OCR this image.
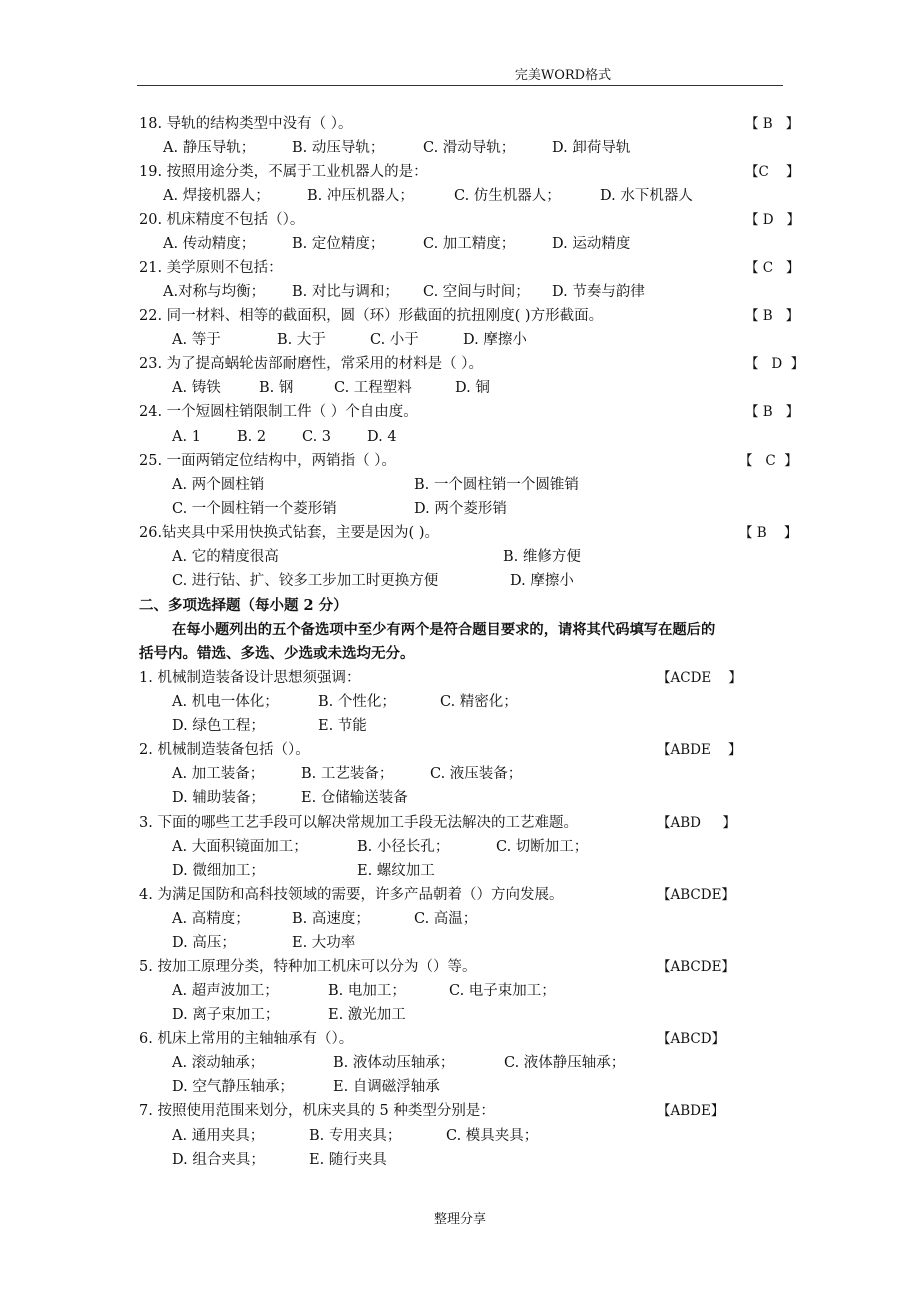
完美WORD格式
18. 导轨的结构类型中没有（ ）。	【 B   】
A. 静压导轨；	B. 动压导轨；	C. 滑动导轨；	D. 卸荷导轨
19. 按照用途分类，不属于工业机器人的是：	【C    】
A. 焊接机器人；	B. 冲压机器人；	C. 仿生机器人；	D. 水下机器人
20. 机床精度不包括（）。	【 D   】
A. 传动精度；	B. 定位精度；	C. 加工精度；	D. 运动精度
21. 美学原则不包括：	【 C   】
A.对称与均衡； B. 对比与调和； C. 空间与时间； D. 节奏与韵律
22. 同一材料、相等的截面积，圆（环）形截面的抗扭刚度( )方形截面。	【 B   】
A. 等于	B. 大于	C. 小于	D. 摩擦小
23. 为了提高蜗轮齿部耐磨性，常采用的材料是（ ）。	【   D  】
A. 铸铁	B. 钢	C. 工程塑料	D. 铜
24. 一个短圆柱销限制工件（ ）个自由度。	【 B   】
A. 1 B. 2 C. 3 D. 4
25. 一面两销定位结构中，两销指（ ）。	【   C  】
A. 两个圆柱销	B. 一个圆柱销一个圆锥销
C. 一个圆柱销一个菱形销	D. 两个菱形销
26.钻夹具中采用快换式钻套，主要是因为( )。	【 B    】
A. 它的精度很高	B. 维修方便
C. 进行钻、扩、铰多工步加工时更换方便	D. 摩擦小
二、多项选择题（每小题 2 分）
在每小题列出的五个备选项中至少有两个是符合题目要求的，请将其代码填写在题后的
括号内。错选、多选、少选或未选均无分。
1. 机械制造装备设计思想须强调：	【ACDE    】
A. 机电一体化；	B. 个性化；	C. 精密化；
D. 绿色工程；	E. 节能
2. 机械制造装备包括（）。	【ABDE    】
A. 加工装备；	B. 工艺装备；	C. 液压装备；
D. 辅助装备； E. 仓储输送装备
3. 下面的哪些工艺手段可以解决常规加工手段无法解决的工艺难题。	【ABD     】
A. 大面积镜面加工；	B. 小径长孔；	C. 切断加工；
D. 微细加工；	E. 螺纹加工
4. 为满足国防和高科技领域的需要，许多产品朝着（）方向发展。	【ABCDE】
A. 高精度；	B. 高速度；	C. 高温；
D. 高压；	E. 大功率
5. 按加工原理分类，特种加工机床可以分为（）等。	【ABCDE】
A. 超声波加工；	B. 电加工；	C. 电子束加工；
D. 离子束加工；	E. 激光加工
6. 机床上常用的主轴轴承有（）。	【ABCD】
A. 滚动轴承；	B. 液体动压轴承；	C. 液体静压轴承；
D. 空气静压轴承；	E. 自调磁浮轴承
7. 按照使用范围来划分，机床夹具的 5 种类型分别是：	【ABDE】
A. 通用夹具；	B. 专用夹具；	C. 模具夹具；
D. 组合夹具；	E. 随行夹具
整理分享
